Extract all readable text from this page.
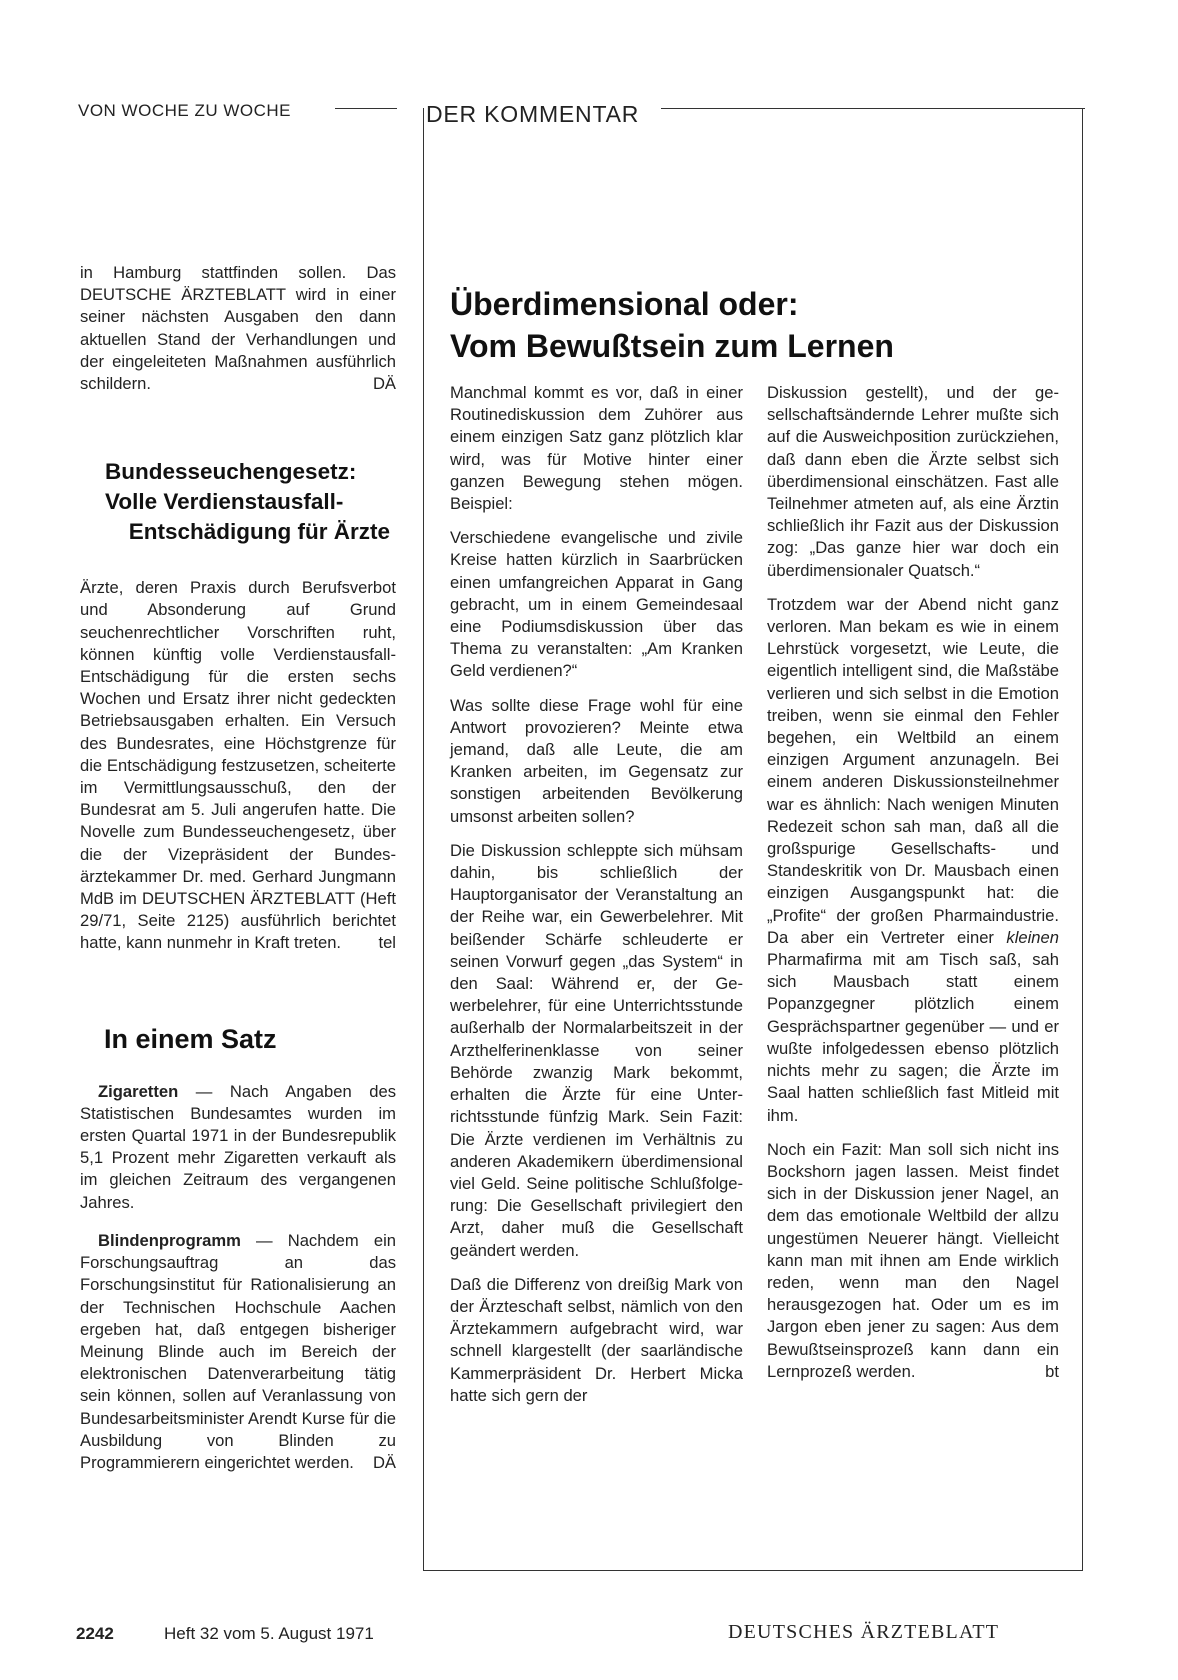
VON WOCHE ZU WOCHE	DER KOMMENTAR

in Hamburg stattfinden sollen. Das DEUTSCHE ÄRZTEBLATT wird in einer seiner nächsten Ausgaben den dann aktuellen Stand der Verhandlungen und der eingeleiteten Maßnahmen ausführlich schildern.	DÄ

Bundesseuchengesetz:
Volle Verdienstausfall-
Entschädigung für Ärzte

Ärzte, deren Praxis durch Berufsverbot und Absonderung auf Grund seuchenrechtlicher Vorschriften ruht, können künftig volle Verdienstausfall-Entschädigung für die ersten sechs Wochen und Ersatz ihrer nicht gedeckten Betriebsausgaben erhalten. Ein Versuch des Bundesrates, eine Höchstgrenze für die Entschädigung festzusetzen, scheiterte im Vermittlungsausschuß, den der Bundesrat am 5. Juli angerufen hatte. Die Novelle zum Bundesseuchengesetz, über die der Vizepräsident der Bundesärztekammer Dr. med. Gerhard Jungmann MdB im DEUTSCHEN ÄRZTEBLATT (Heft 29/71, Seite 2125) ausführlich berichtet hatte, kann nunmehr in Kraft treten. tel

In einem Satz

Zigaretten — Nach Angaben des Statistischen Bundesamtes wurden im ersten Quartal 1971 in der Bundesrepublik 5,1 Prozent mehr Zigaretten verkauft als im gleichen Zeitraum des vergangenen Jahres.

Blindenprogramm — Nachdem ein Forschungsauftrag an das Forschungsinstitut für Rationalisierung an der Technischen Hochschule Aachen ergeben hat, daß entgegen bisheriger Meinung Blinde auch im Bereich der elektronischen Datenverarbeitung tätig sein können, sollen auf Veranlassung von Bundesarbeitsminister Arendt Kurse für die Ausbildung von Blinden zu Programmierern eingerichtet werden.	DÄ

Überdimensional oder:
Vom Bewußtsein zum Lernen

Manchmal kommt es vor, daß in einer Routinediskussion dem Zuhörer aus einem einzigen Satz ganz plötzlich klar wird, was für Motive hinter einer ganzen Bewegung stehen mögen. Beispiel:

Verschiedene evangelische und zivile Kreise hatten kürzlich in Saarbrücken einen umfangreichen Apparat in Gang gebracht, um in einem Gemeindesaal eine Podiumsdiskussion über das Thema zu veranstalten: „Am Kranken Geld verdienen?“

Was sollte diese Frage wohl für eine Antwort provozieren? Meinte etwa jemand, daß alle Leute, die am Kranken arbeiten, im Gegensatz zur sonstigen arbeitenden Bevölkerung umsonst arbeiten sollen?

Die Diskussion schleppte sich mühsam dahin, bis schließlich der Hauptorganisator der Veranstaltung an der Reihe war, ein Gewerbelehrer. Mit beißender Schärfe schleuderte er seinen Vorwurf gegen „das System“ in den Saal: Während er, der Gewerbelehrer, für eine Unterrichtsstunde außerhalb der Normalarbeitszeit in der Arzthelferinenklasse von seiner Behörde zwanzig Mark bekommt, erhalten die Ärzte für eine Unterrichtsstunde fünfzig Mark. Sein Fazit: Die Ärzte verdienen im Verhältnis zu anderen Akademikern überdimensional viel Geld. Seine politische Schlußfolgerung: Die Gesellschaft privilegiert den Arzt, daher muß die Gesellschaft geändert werden.

Daß die Differenz von dreißig Mark von der Ärzteschaft selbst, nämlich von den Ärztekammern aufgebracht wird, war schnell klargestellt (der saarländische Kammerpräsident Dr. Herbert Micka hatte sich gern der

Diskussion gestellt), und der gesellschaftsändernde Lehrer mußte sich auf die Ausweichposition zurückziehen, daß dann eben die Ärzte selbst sich überdimensional einschätzen. Fast alle Teilnehmer atmeten auf, als eine Ärztin schließlich ihr Fazit aus der Diskussion zog: „Das ganze hier war doch ein überdimensionaler Quatsch.“

Trotzdem war der Abend nicht ganz verloren. Man bekam es wie in einem Lehrstück vorgesetzt, wie Leute, die eigentlich intelligent sind, die Maßstäbe verlieren und sich selbst in die Emotion treiben, wenn sie einmal den Fehler begehen, ein Weltbild an einem einzigen Argument anzunageln. Bei einem anderen Diskussionsteilnehmer war es ähnlich: Nach wenigen Minuten Redezeit schon sah man, daß all die großspurige Gesellschafts- und Standeskritik von Dr. Mausbach einen einzigen Ausgangspunkt hat: die „Profite“ der großen Pharmaindustrie. Da aber ein Vertreter einer kleinen Pharmafirma mit am Tisch saß, sah sich Mausbach statt einem Popanzgegner plötzlich einem Gesprächspartner gegenüber — und er wußte infolgedessen ebenso plötzlich nichts mehr zu sagen; die Ärzte im Saal hatten schließlich fast Mitleid mit ihm.

Noch ein Fazit: Man soll sich nicht ins Bockshorn jagen lassen. Meist findet sich in der Diskussion jener Nagel, an dem das emotionale Weltbild der allzu ungestümen Neuerer hängt. Vielleicht kann man mit ihnen am Ende wirklich reden, wenn man den Nagel herausgezogen hat. Oder um es im Jargon eben jener zu sagen: Aus dem Bewußtseinsprozeß kann dann ein Lernprozeß werden.	bt

2242	Heft 32 vom 5. August 1971	DEUTSCHES ÄRZTEBLATT
